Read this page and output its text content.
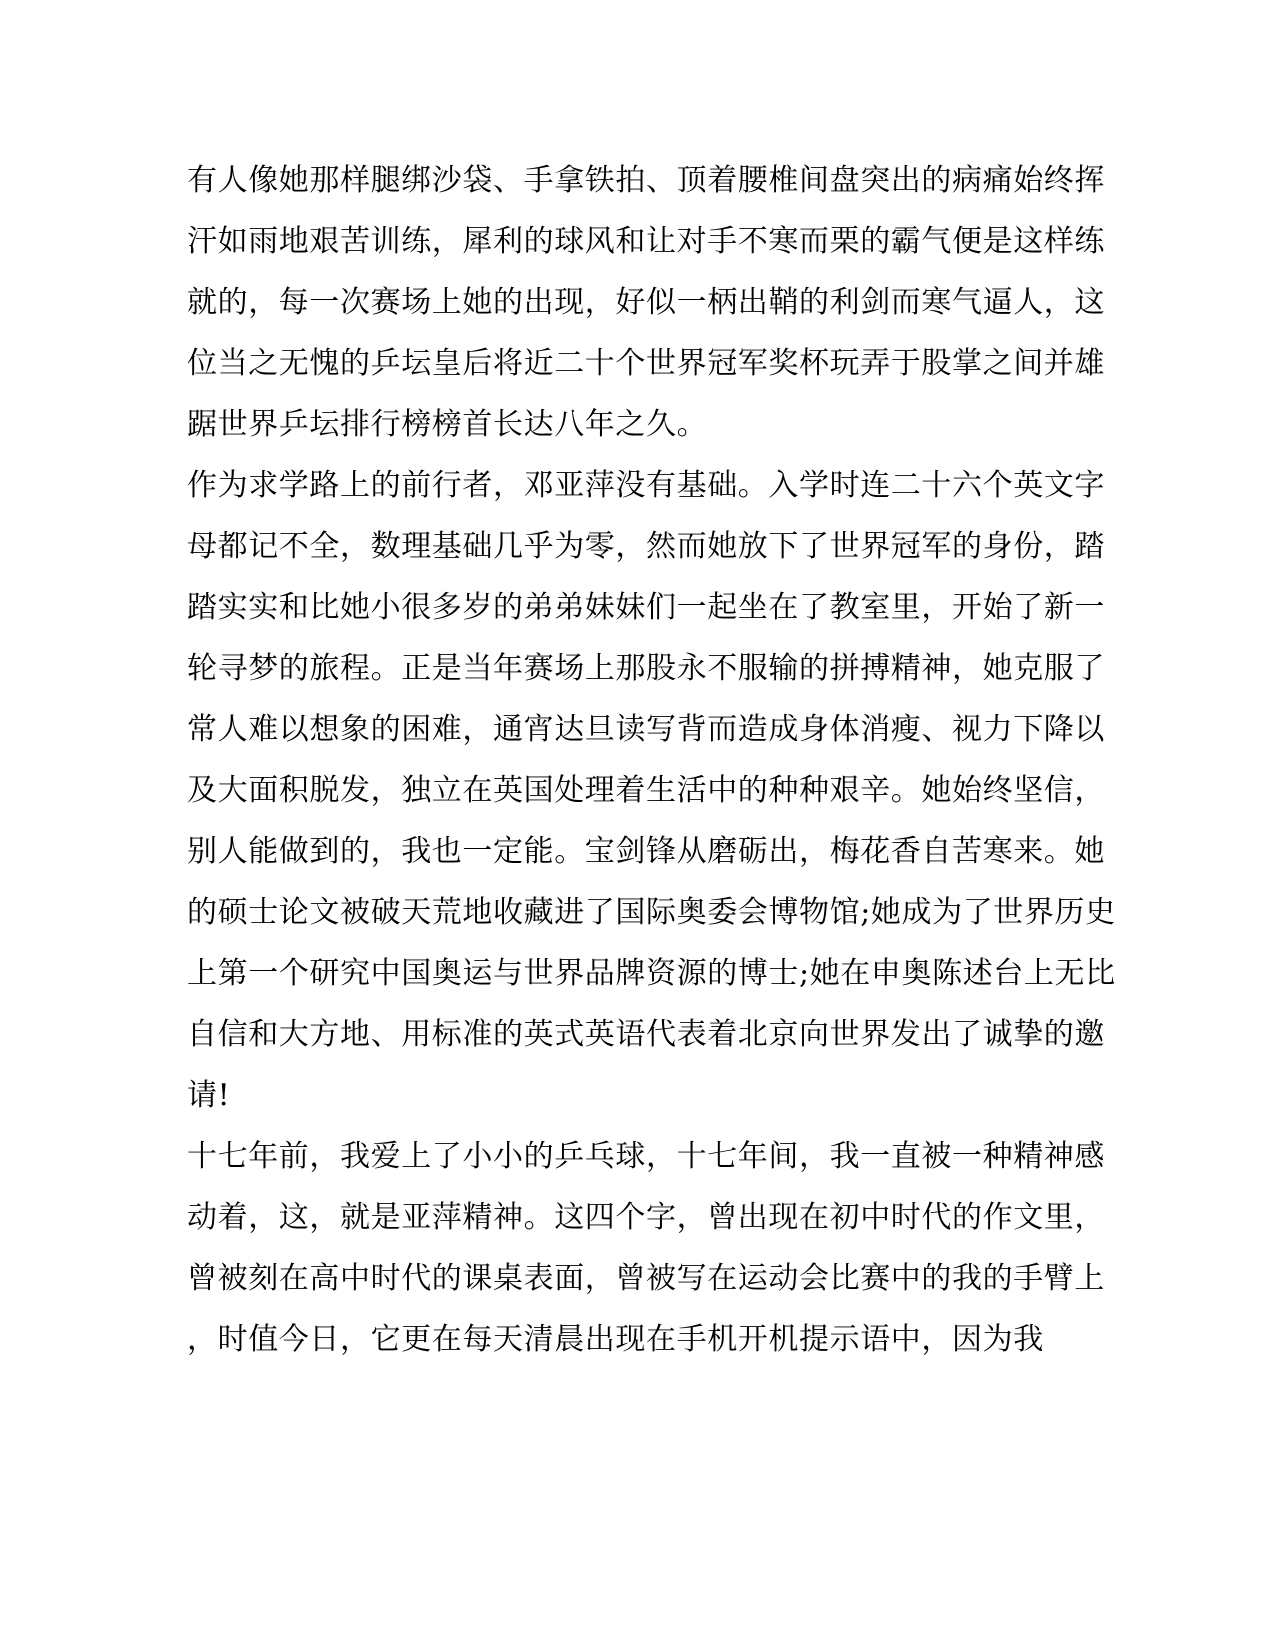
有人像她那样腿绑沙袋、手拿铁拍、顶着腰椎间盘突出的病痛始终挥

汗如雨地艰苦训练，犀利的球风和让对手不寒而栗的霸气便是这样练

就的，每一次赛场上她的出现，好似一柄出鞘的利剑而寒气逼人，这

位当之无愧的乒坛皇后将近二十个世界冠军奖杯玩弄于股掌之间并雄

踞世界乒坛排行榜榜首长达八年之久。

作为求学路上的前行者，邓亚萍没有基础。入学时连二十六个英文字

母都记不全，数理基础几乎为零，然而她放下了世界冠军的身份，踏

踏实实和比她小很多岁的弟弟妹妹们一起坐在了教室里，开始了新一

轮寻梦的旅程。正是当年赛场上那股永不服输的拼搏精神，她克服了

常人难以想象的困难，通宵达旦读写背而造成身体消瘦、视力下降以

及大面积脱发，独立在英国处理着生活中的种种艰辛。她始终坚信，

别人能做到的，我也一定能。宝剑锋从磨砺出，梅花香自苦寒来。她

的硕士论文被破天荒地收藏进了国际奥委会博物馆;她成为了世界历史

上第一个研究中国奥运与世界品牌资源的博士;她在申奥陈述台上无比

自信和大方地、用标准的英式英语代表着北京向世界发出了诚挚的邀

请!

十七年前，我爱上了小小的乒乓球，十七年间，我一直被一种精神感

动着，这，就是亚萍精神。这四个字，曾出现在初中时代的作文里，

曾被刻在高中时代的课桌表面，曾被写在运动会比赛中的我的手臂上

，时值今日，它更在每天清晨出现在手机开机提示语中，因为我
